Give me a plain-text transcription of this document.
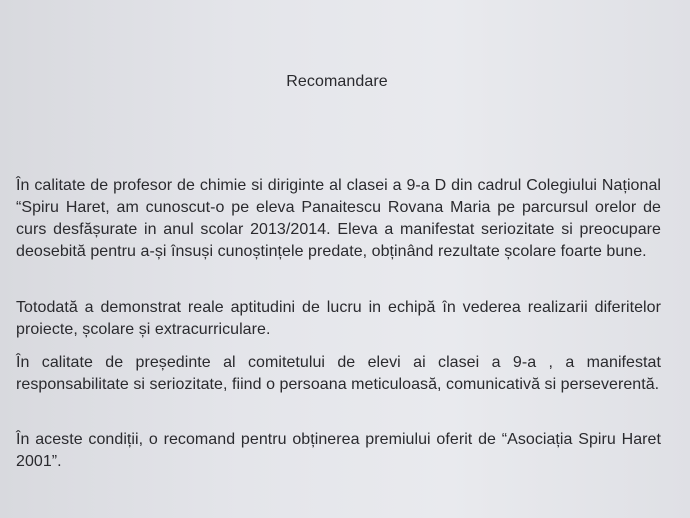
Recomandare

În calitate de profesor de chimie si diriginte al clasei a 9-a D din cadrul Colegiului Național “Spiru Haret, am cunoscut-o pe eleva Panaitescu Rovana Maria pe parcursul orelor de curs desfășurate in anul scolar 2013/2014. Eleva a manifestat seriozitate si preocupare deosebită pentru a-și însuși cunoștințele predate, obținând rezultate școlare foarte bune.

Totodată a demonstrat reale aptitudini de lucru in echipă în vederea realizarii diferitelor proiecte, școlare și extracurriculare.

În calitate de președinte al comitetului de elevi ai clasei a 9-a , a manifestat responsabilitate si seriozitate, fiind o persoana meticuloasă, comunicativă si perseverentă.

În aceste condiții, o recomand pentru obținerea premiului oferit de “Asociația Spiru Haret 2001”.
